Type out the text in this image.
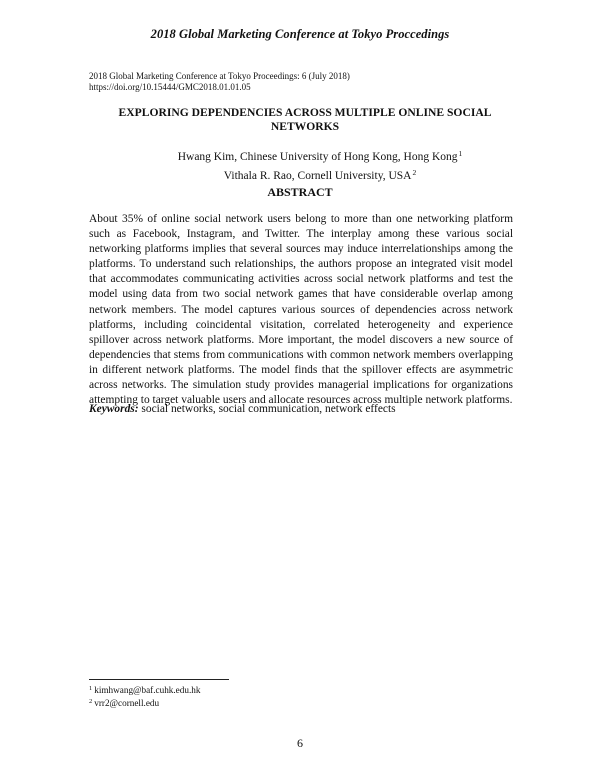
2018 Global Marketing Conference at Tokyo Proccedings
2018 Global Marketing Conference at Tokyo Proceedings: 6 (July 2018)
https://doi.org/10.15444/GMC2018.01.01.05
EXPLORING DEPENDENCIES ACROSS MULTIPLE ONLINE SOCIAL NETWORKS
Hwang Kim, Chinese University of Hong Kong, Hong Kong$^1$
Vithala R. Rao, Cornell University, USA$^2$
ABSTRACT

About 35% of online social network users belong to more than one networking platform such as Facebook, Instagram, and Twitter. The interplay among these various social networking platforms implies that several sources may induce interrelationships among the platforms. To understand such relationships, the authors propose an integrated visit model that accommodates communicating activities across social network platforms and test the model using data from two social network games that have considerable overlap among network members. The model captures various sources of dependencies across network platforms, including coincidental visitation, correlated heterogeneity and experience spillover across network platforms. More important, the model discovers a new source of dependencies that stems from communications with common network members overlapping in different network platforms. The model finds that the spillover effects are asymmetric across networks. The simulation study provides managerial implications for organizations attempting to target valuable users and allocate resources across multiple network platforms.

Keywords: social networks, social communication, network effects
$^1$ kimhwang@baf.cuhk.edu.hk
$^2$ vrr2@cornell.edu
6
